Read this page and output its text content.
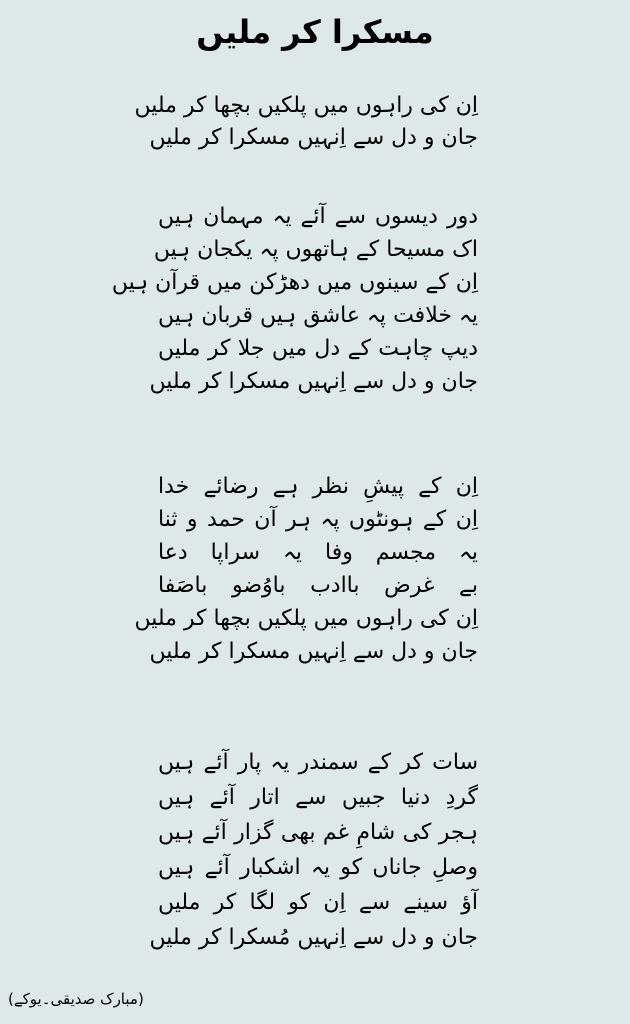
مسکرا کر ملیں
اِن کی راہوں میں پلکیں بچھا کر ملیں
جان و دل سے اِنہیں مسکرا کر ملیں
دور دیسوں سے آئے یہ مہمان ہیں
اک مسیحا کے ہاتھوں پہ یکجان ہیں
اِن کے سینوں میں دھڑکن میں قرآن ہیں
یہ خلافت پہ عاشق ہیں قربان ہیں
دیپ چاہت کے دل میں جلا کر ملیں
جان و دل سے اِنہیں مسکرا کر ملیں
اِن کے پیشِ نظر ہے رضائے خدا
اِن کے ہونٹوں پہ ہر آن حمد و ثنا
یہ مجسم وفا یہ سراپا دعا
بے غرض باادب باوُضو باصَفا
اِن کی راہوں میں پلکیں بچھا کر ملیں
جان و دل سے اِنہیں مسکرا کر ملیں
سات کر کے سمندر یہ پار آئے ہیں
گردِ دنیا جبیں سے اتار آئے ہیں
ہجر کی شامِ غم بھی گزار آئے ہیں
وصلِ جاناں کو یہ اشکبار آئے ہیں
آؤ سینے سے اِن کو لگا کر ملیں
جان و دل سے اِنہیں مُسکرا کر ملیں
(مبارک صدیقی۔یوکے)
